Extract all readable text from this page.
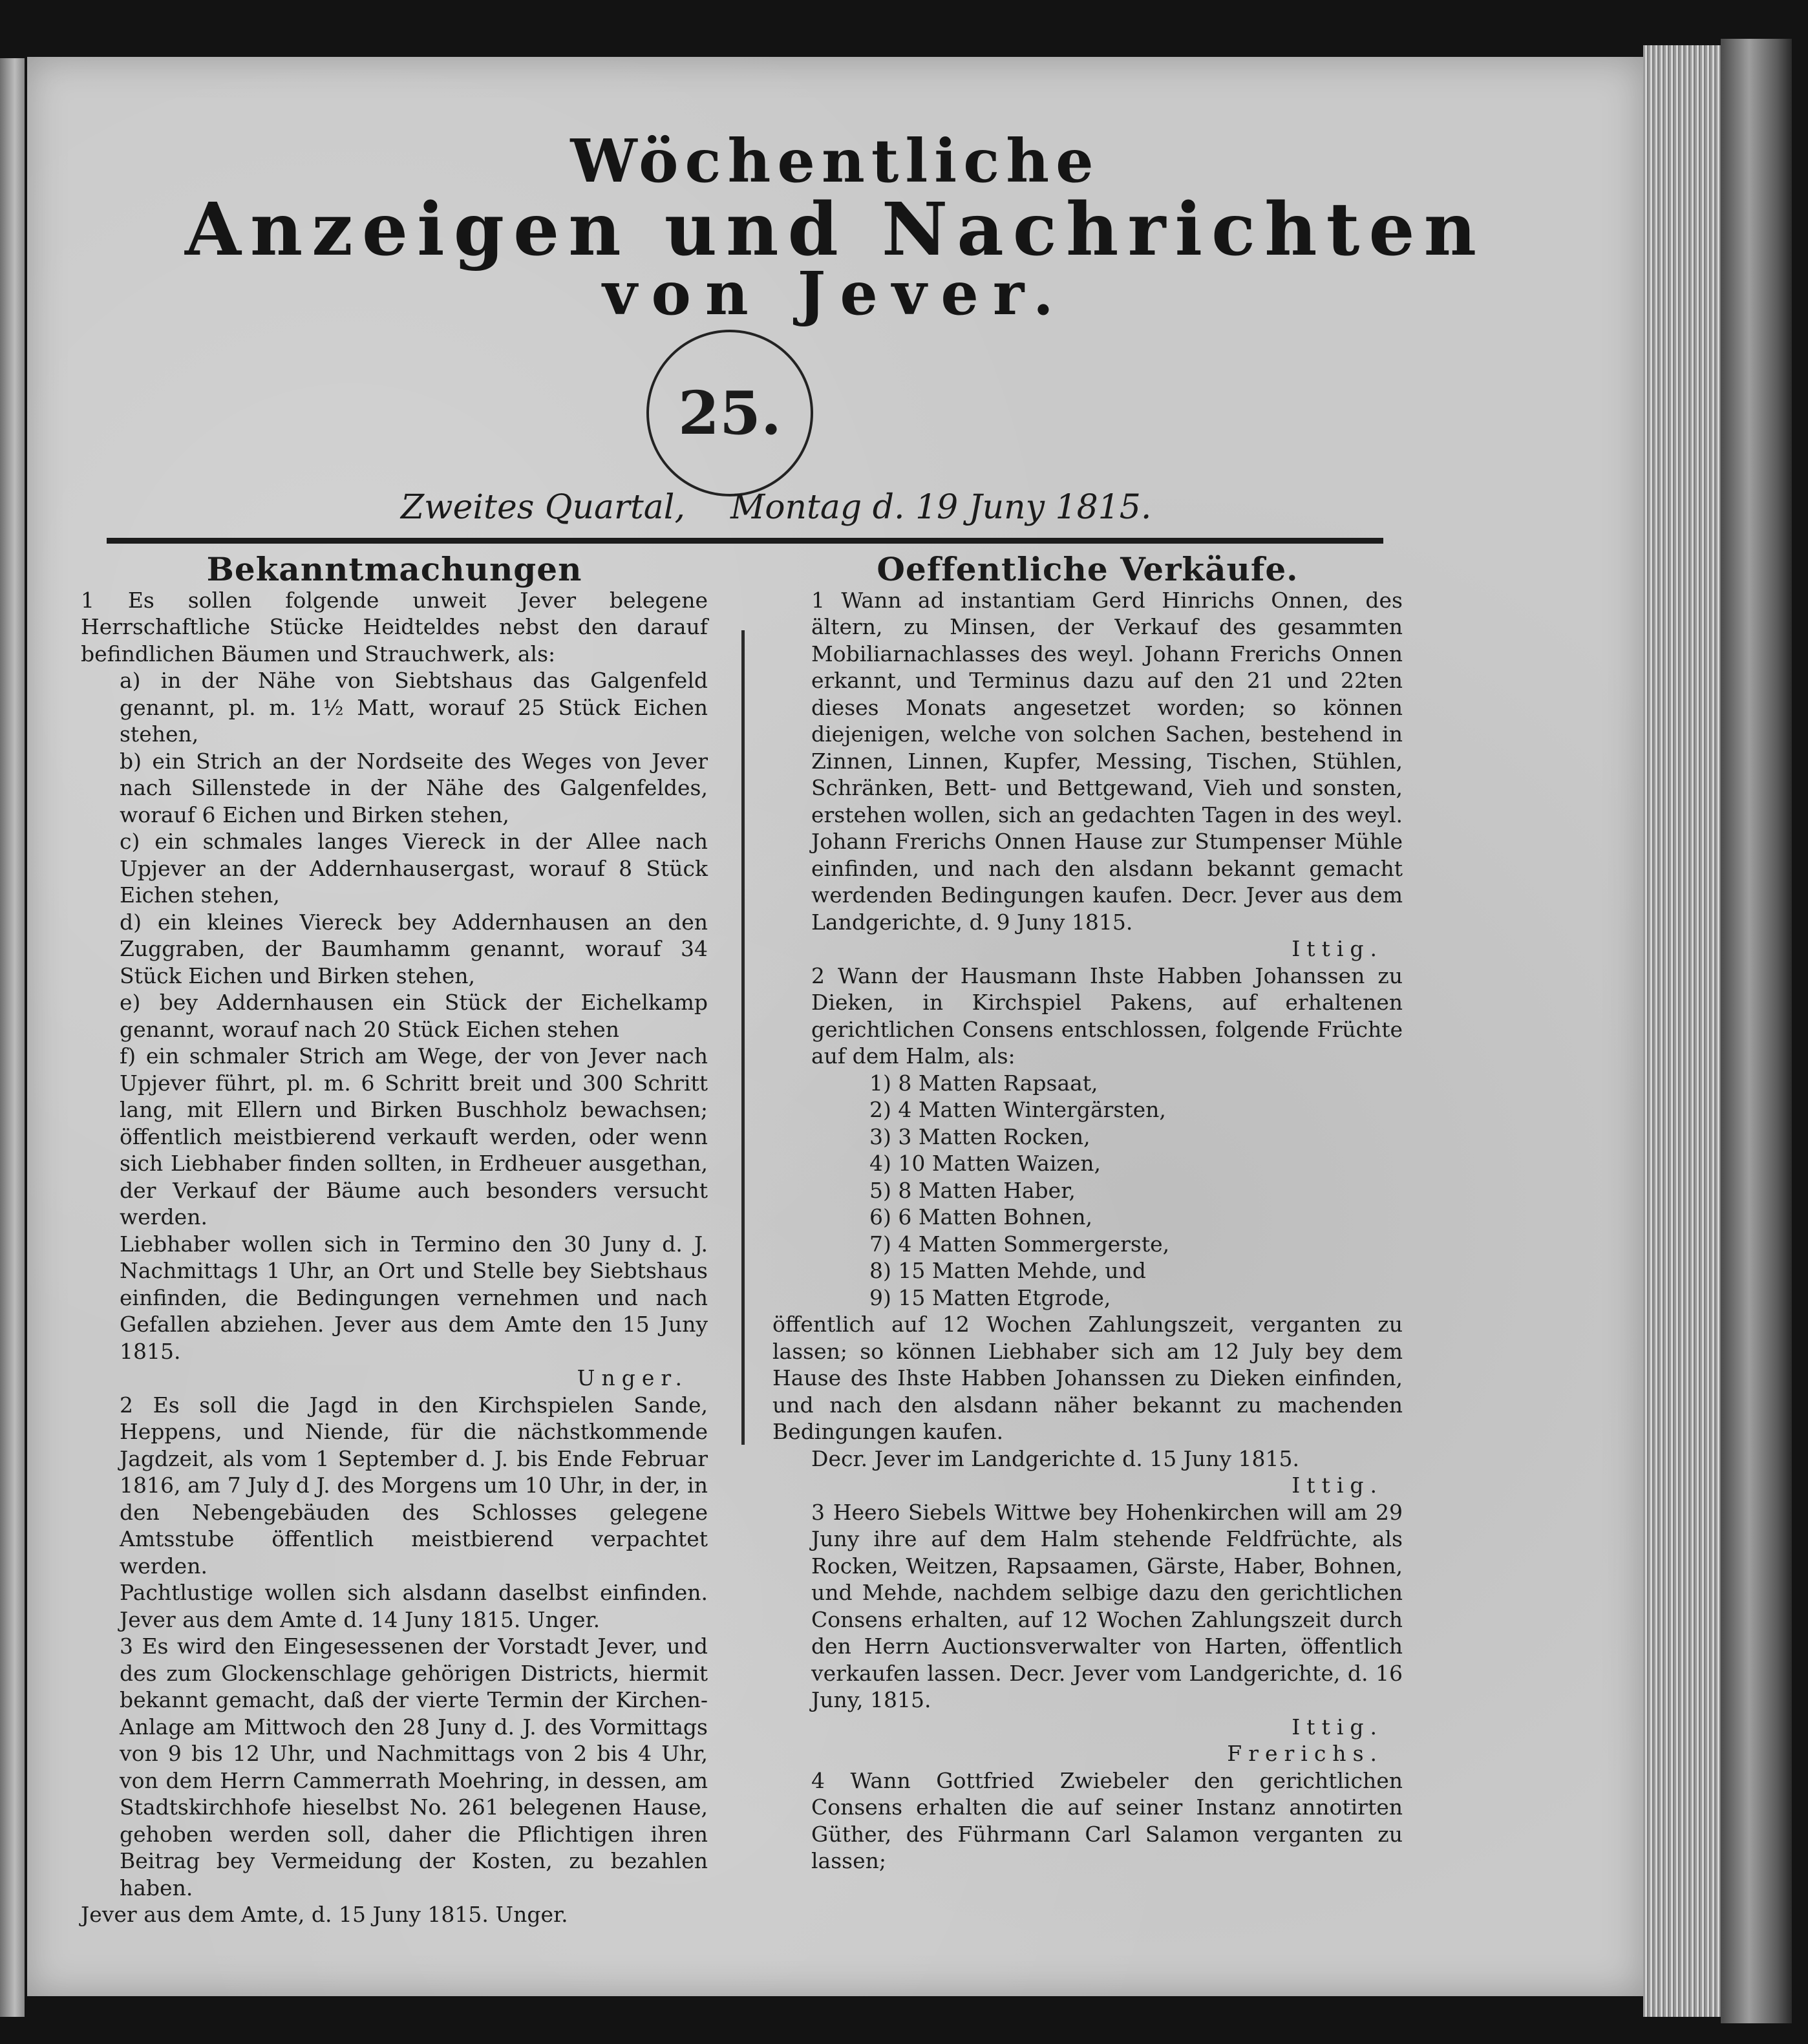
Wöchentliche
Anzeigen und Nachrichten
von Jever.
25.
Zweites Quartal, Montag d. 19 Juny 1815.
Bekanntmachungen

1 Es sollen folgende unweit Jever belegene Herrschaftliche Stücke Heidteldes nebst den darauf befindlichen Bäumen und Strauchwerk, als:

a) in der Nähe von Siebtshaus das Galgenfeld genannt, pl. m. 1½ Matt, worauf 25 Stück Eichen stehen,

b) ein Strich an der Nordseite des Weges von Jever nach Sillenstede in der Nähe des Galgenfeldes, worauf 6 Eichen und Birken stehen,

c) ein schmales langes Viereck in der Allee nach Upjever an der Addernhausergast, worauf 8 Stück Eichen stehen,

d) ein kleines Viereck bey Addernhausen an den Zuggraben, der Baumhamm genannt, worauf 34 Stück Eichen und Birken stehen,

e) bey Addernhausen ein Stück der Eichelkamp genannt, worauf nach 20 Stück Eichen stehen

f) ein schmaler Strich am Wege, der von Jever nach Upjever führt, pl. m. 6 Schritt breit und 300 Schritt lang, mit Ellern und Birken Buschholz bewachsen; öffentlich meistbierend verkauft werden, oder wenn sich Liebhaber finden sollten, in Erdheuer ausgethan, der Verkauf der Bäume auch besonders versucht werden.

Liebhaber wollen sich in Termino den 30 Juny d. J. Nachmittags 1 Uhr, an Ort und Stelle bey Siebtshaus einfinden, die Bedingungen vernehmen und nach Gefallen abziehen. Jever aus dem Amte den 15 Juny 1815.

Unger.

2 Es soll die Jagd in den Kirchspielen Sande, Heppens, und Niende, für die nächstkommende Jagdzeit, als vom 1 September d. J. bis Ende Februar 1816, am 7 July d J. des Morgens um 10 Uhr, in der, in den Nebengebäuden des Schlosses gelegene Amtsstube öffentlich meistbierend verpachtet werden.

Pachtlustige wollen sich alsdann daselbst einfinden. Jever aus dem Amte d. 14 Juny 1815. Unger.

3 Es wird den Eingesessenen der Vorstadt Jever, und des zum Glockenschlage gehörigen Districts, hiermit bekannt gemacht, daß der vierte Termin der Kirchen-Anlage am Mittwoch den 28 Juny d. J. des Vormittags von 9 bis 12 Uhr, und Nachmittags von 2 bis 4 Uhr, von dem Herrn Cammerrath Moehring, in dessen, am Stadtskirchhofe hieselbst No. 261 belegenen Hause, gehoben werden soll, daher die Pflichtigen ihren Beitrag bey Vermeidung der Kosten, zu bezahlen haben.

Jever aus dem Amte, d. 15 Juny 1815. Unger.

Oeffentliche Verkäufe.

1 Wann ad instantiam Gerd Hinrichs Onnen, des ältern, zu Minsen, der Verkauf des gesammten Mobiliarnachlasses des weyl. Johann Frerichs Onnen erkannt, und Terminus dazu auf den 21 und 22ten dieses Monats angesetzet worden; so können diejenigen, welche von solchen Sachen, bestehend in Zinnen, Linnen, Kupfer, Messing, Tischen, Stühlen, Schränken, Bett- und Bettgewand, Vieh und sonsten, erstehen wollen, sich an gedachten Tagen in des weyl. Johann Frerichs Onnen Hause zur Stumpenser Mühle einfinden, und nach den alsdann bekannt gemacht werdenden Bedingungen kaufen. Decr. Jever aus dem Landgerichte, d. 9 Juny 1815.

Ittig.

2 Wann der Hausmann Ihste Habben Johanssen zu Dieken, in Kirchspiel Pakens, auf erhaltenen gerichtlichen Consens entschlossen, folgende Früchte auf dem Halm, als:

1) 8 Matten Rapsaat,
2) 4 Matten Wintergärsten,
3) 3 Matten Rocken,
4) 10 Matten Waizen,
5) 8 Matten Haber,
6) 6 Matten Bohnen,
7) 4 Matten Sommergerste,
8) 15 Matten Mehde, und
9) 15 Matten Etgrode,

öffentlich auf 12 Wochen Zahlungszeit, verganten zu lassen; so können Liebhaber sich am 12 July bey dem Hause des Ihste Habben Johanssen zu Dieken einfinden, und nach den alsdann näher bekannt zu machenden Bedingungen kaufen.

Decr. Jever im Landgerichte d. 15 Juny 1815.

Ittig.

3 Heero Siebels Wittwe bey Hohenkirchen will am 29 Juny ihre auf dem Halm stehende Feldfrüchte, als Rocken, Weitzen, Rapsaamen, Gärste, Haber, Bohnen, und Mehde, nachdem selbige dazu den gerichtlichen Consens erhalten, auf 12 Wochen Zahlungszeit durch den Herrn Auctionsverwalter von Harten, öffentlich verkaufen lassen. Decr. Jever vom Landgerichte, d. 16 Juny, 1815.

Ittig.

Frerichs.

4 Wann Gottfried Zwiebeler den gerichtlichen Consens erhalten die auf seiner Instanz annotirten Güther, des Führmann Carl Salamon verganten zu lassen;
